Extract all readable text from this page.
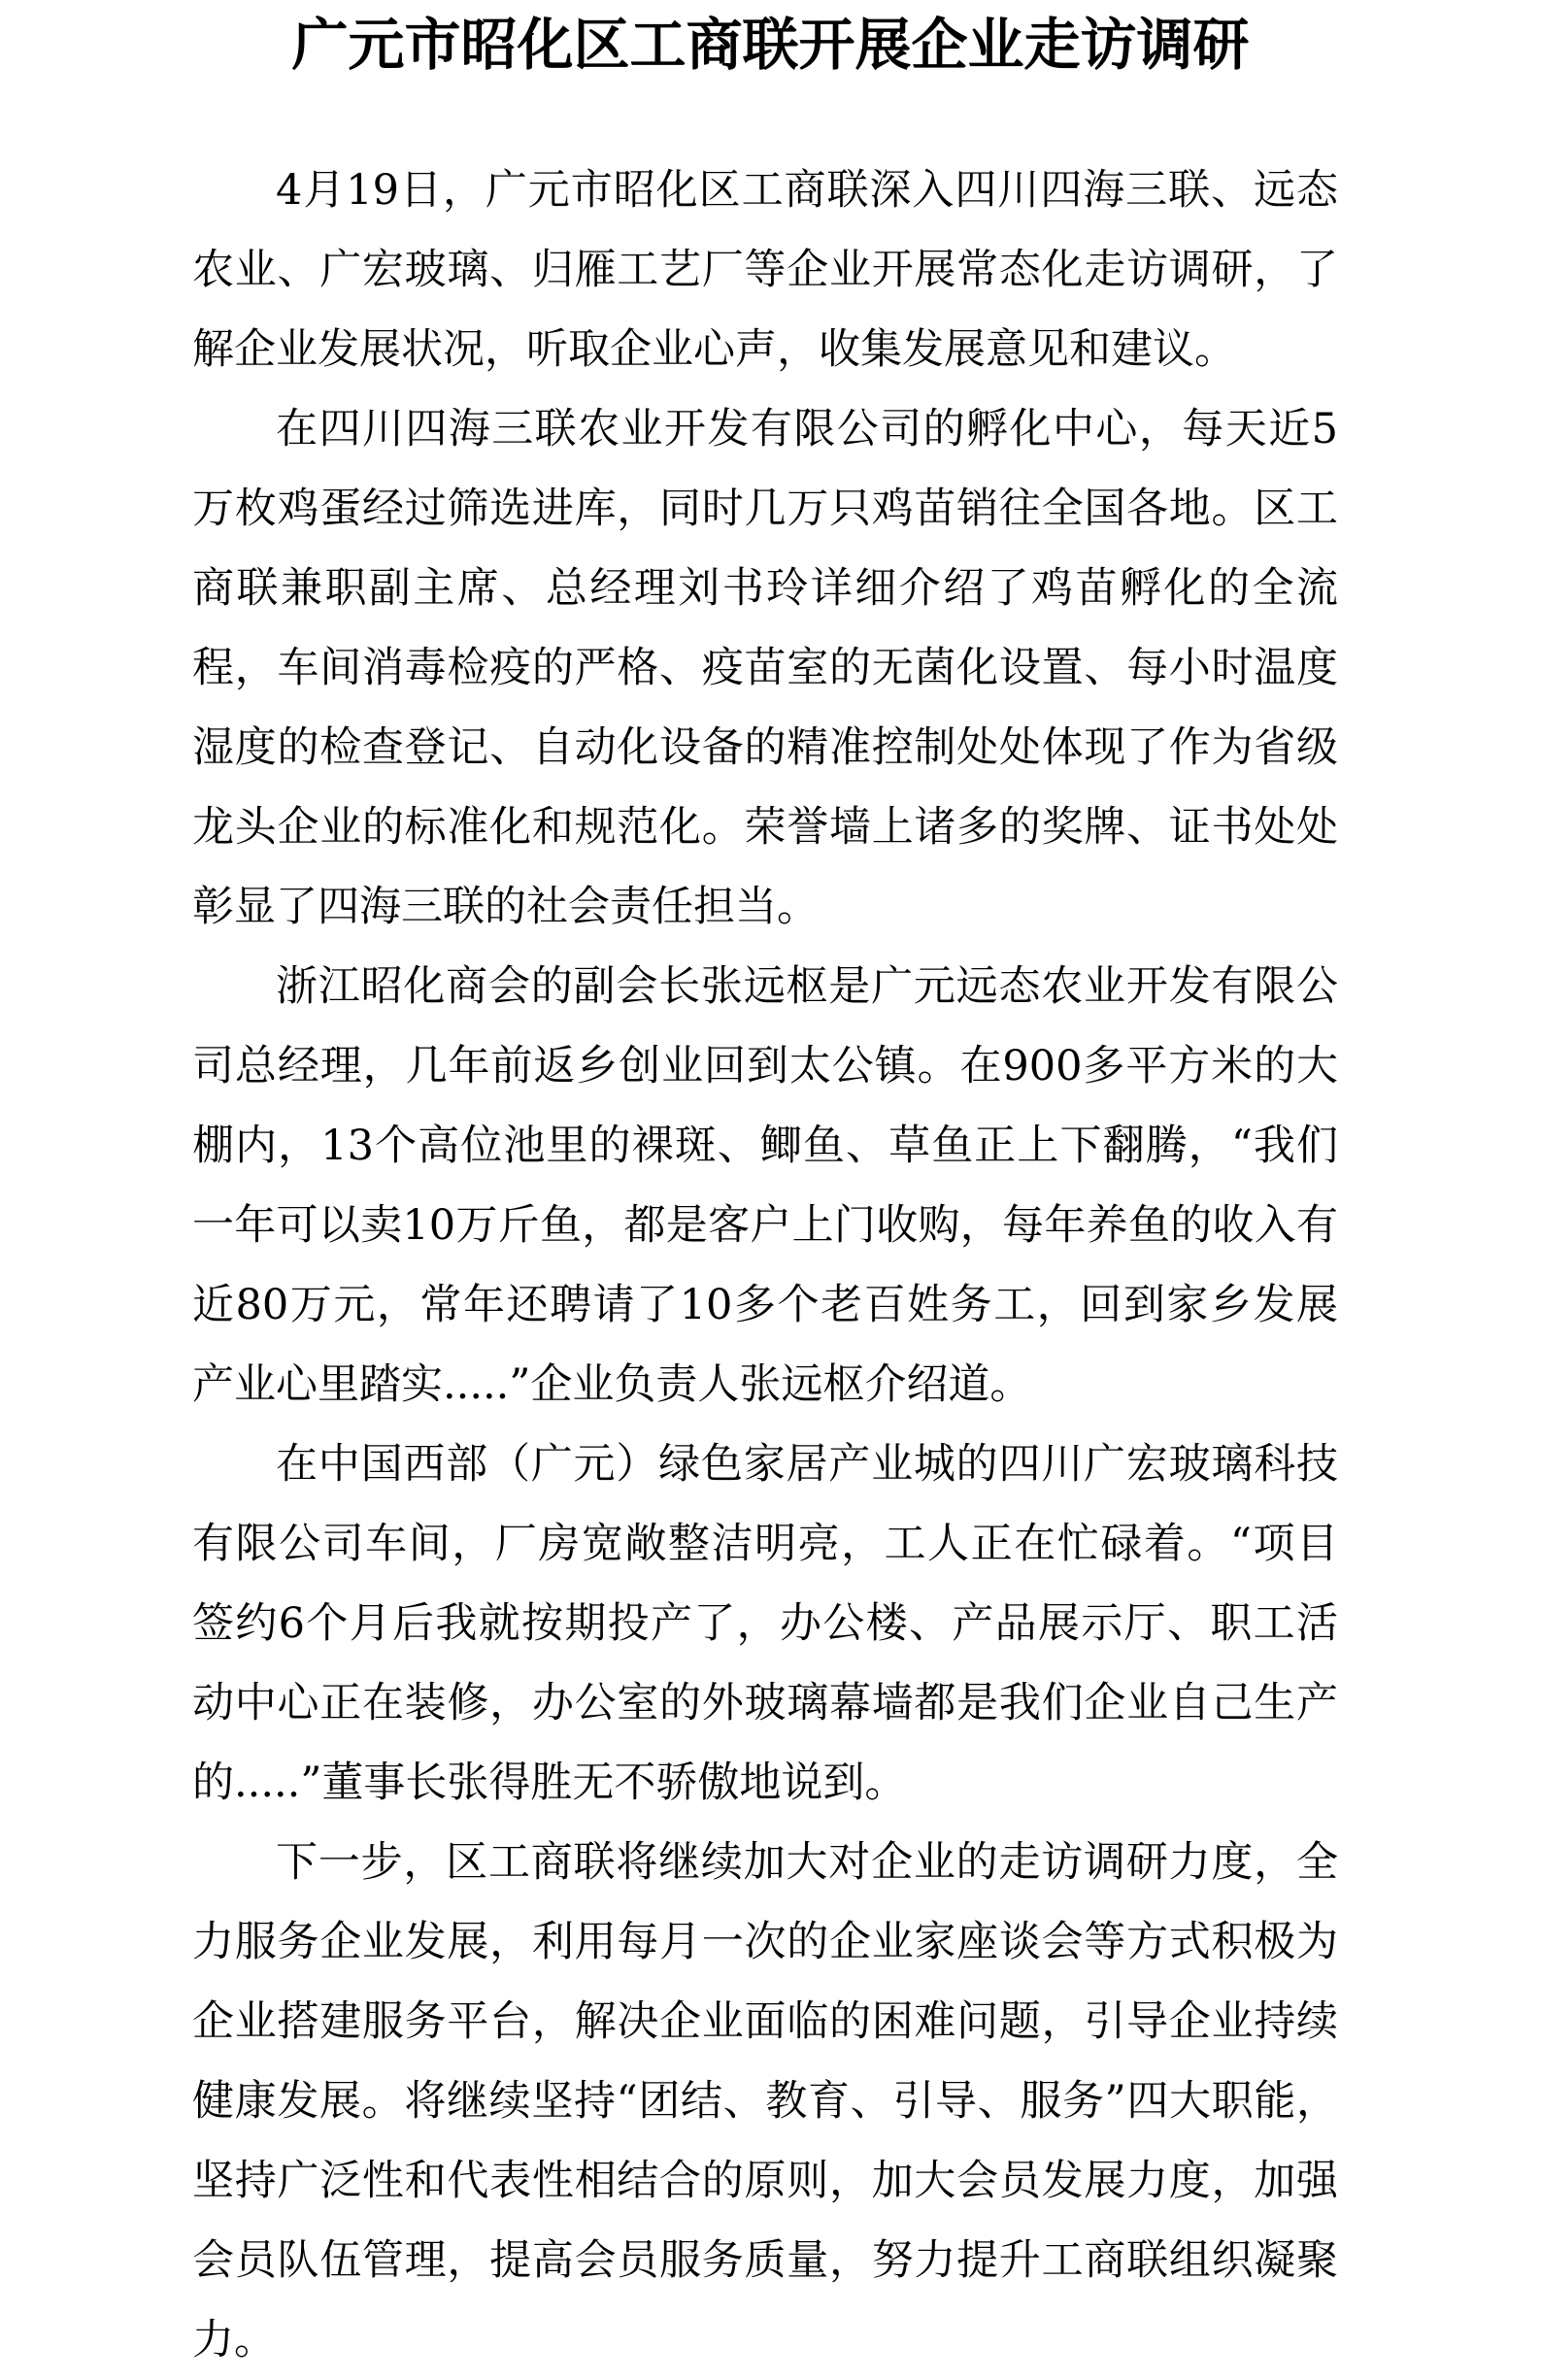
广元市昭化区工商联开展企业走访调研

4月19日，广元市昭化区工商联深入四川四海三联、远态农业、广宏玻璃、归雁工艺厂等企业开展常态化走访调研，了解企业发展状况，听取企业心声，收集发展意见和建议。

在四川四海三联农业开发有限公司的孵化中心，每天近5万枚鸡蛋经过筛选进库，同时几万只鸡苗销往全国各地。区工商联兼职副主席、总经理刘书玲详细介绍了鸡苗孵化的全流程，车间消毒检疫的严格、疫苗室的无菌化设置、每小时温度湿度的检查登记、自动化设备的精准控制处处体现了作为省级龙头企业的标准化和规范化。荣誉墙上诸多的奖牌、证书处处彰显了四海三联的社会责任担当。

浙江昭化商会的副会长张远枢是广元远态农业开发有限公司总经理，几年前返乡创业回到太公镇。在900多平方米的大棚内，13个高位池里的裸斑、鲫鱼、草鱼正上下翻腾，“我们一年可以卖10万斤鱼，都是客户上门收购，每年养鱼的收入有近80万元，常年还聘请了10多个老百姓务工，回到家乡发展产业心里踏实.....”企业负责人张远枢介绍道。

在中国西部（广元）绿色家居产业城的四川广宏玻璃科技有限公司车间，厂房宽敞整洁明亮，工人正在忙碌着。“项目签约6个月后我就按期投产了，办公楼、产品展示厅、职工活动中心正在装修，办公室的外玻璃幕墙都是我们企业自己生产的.....”董事长张得胜无不骄傲地说到。

下一步，区工商联将继续加大对企业的走访调研力度，全力服务企业发展，利用每月一次的企业家座谈会等方式积极为企业搭建服务平台，解决企业面临的困难问题，引导企业持续健康发展。将继续坚持“团结、教育、引导、服务”四大职能，坚持广泛性和代表性相结合的原则，加大会员发展力度，加强会员队伍管理，提高会员服务质量，努力提升工商联组织凝聚力。
